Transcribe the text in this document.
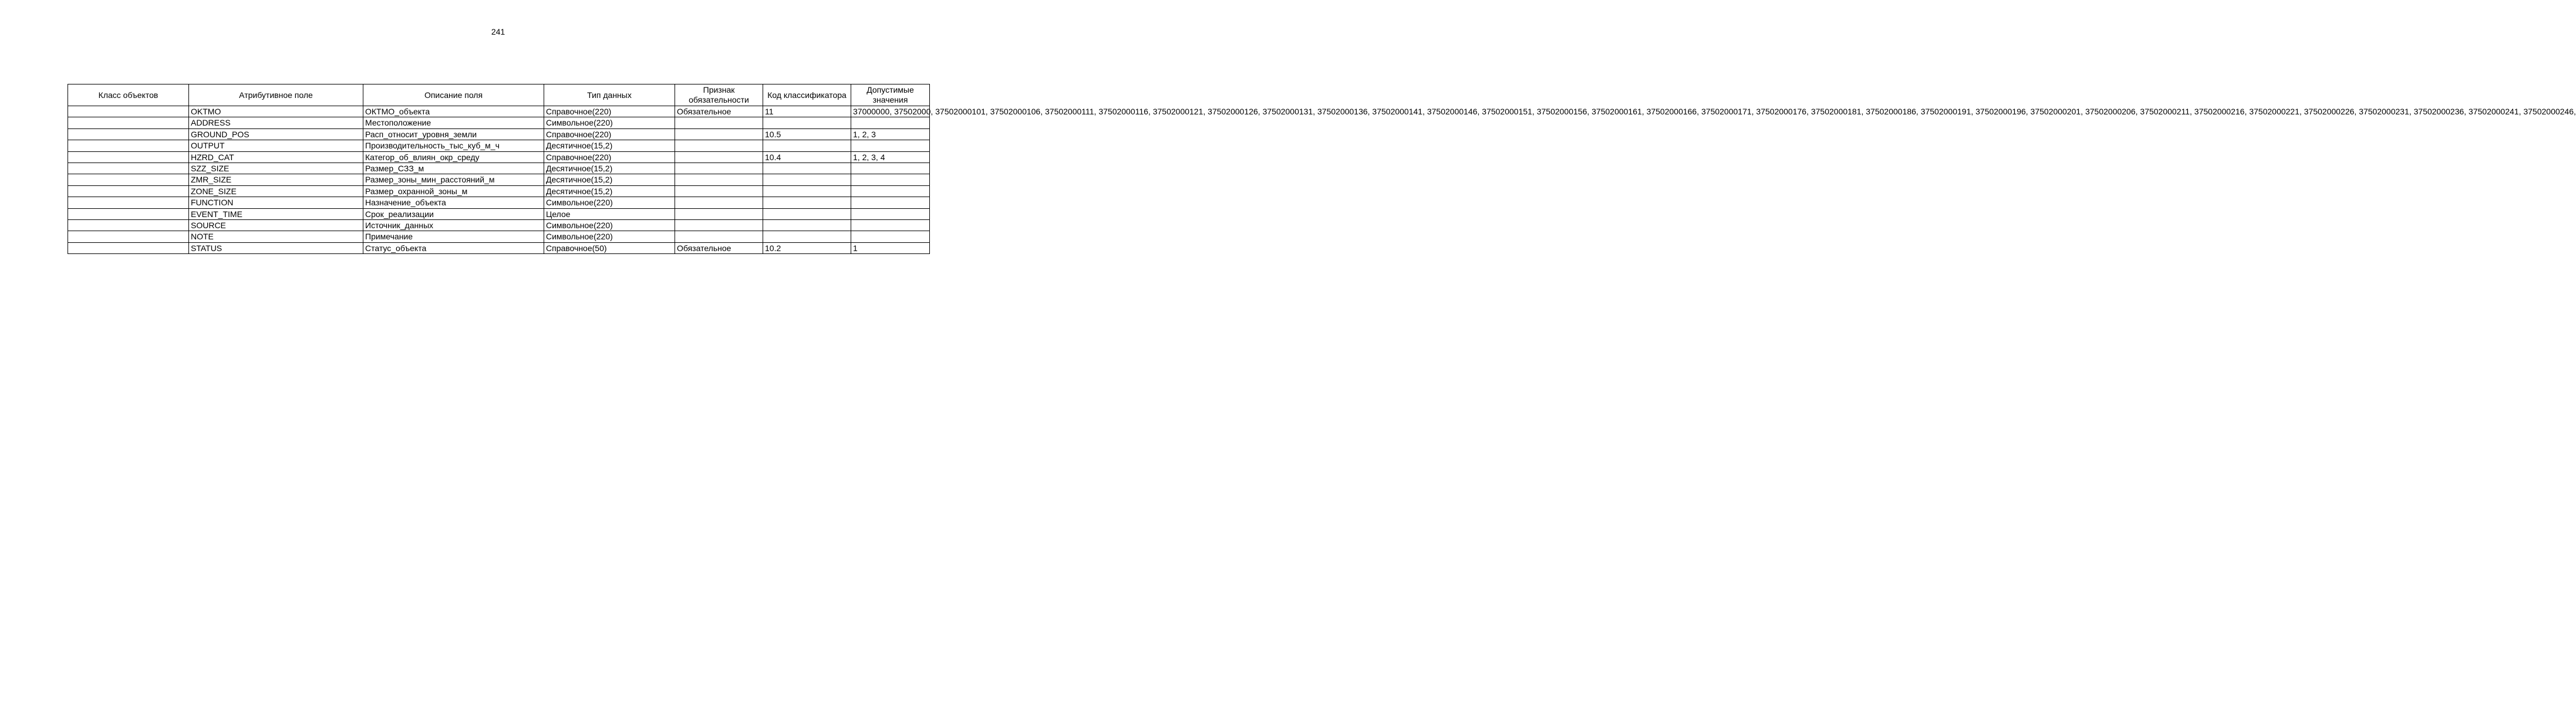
241
Класс объектов	Атрибутивное поле	Описание поля	Тип данных	Признак обязательности	Код классификатора	Допустимые значения
	OKTMO	ОКТМО_объекта	Справочное(220)	Обязательное	11	37000000, 37502000, 37502000101, 37502000106, 37502000111, 37502000116, 37502000121, 37502000126, 37502000131, 37502000136, 37502000141, 37502000146, 37502000151, 37502000156, 37502000161, 37502000166, 37502000171, 37502000176, 37502000181, 37502000186, 37502000191, 37502000196, 37502000201, 37502000206, 37502000211, 37502000216, 37502000221, 37502000226, 37502000231, 37502000236, 37502000241, 37502000246,
	ADDRESS	Местоположение	Символьное(220)			
	GROUND_POS	Расп_относит_уровня_земли	Справочное(220)		10.5	1, 2, 3
	OUTPUT	Производительность_тыс_куб_м_ч	Десятичное(15,2)			
	HZRD_CAT	Категор_об_влиян_окр_среду	Справочное(220)		10.4	1, 2, 3, 4
	SZZ_SIZE	Размер_СЗЗ_м	Десятичное(15,2)			
	ZMR_SIZE	Размер_зоны_мин_расстояний_м	Десятичное(15,2)			
	ZONE_SIZE	Размер_охранной_зоны_м	Десятичное(15,2)			
	FUNCTION	Назначение_объекта	Символьное(220)			
	EVENT_TIME	Срок_реализации	Целое			
	SOURCE	Источник_данных	Символьное(220)			
	NOTE	Примечание	Символьное(220)			
	STATUS	Статус_объекта	Справочное(50)	Обязательное	10.2	1
